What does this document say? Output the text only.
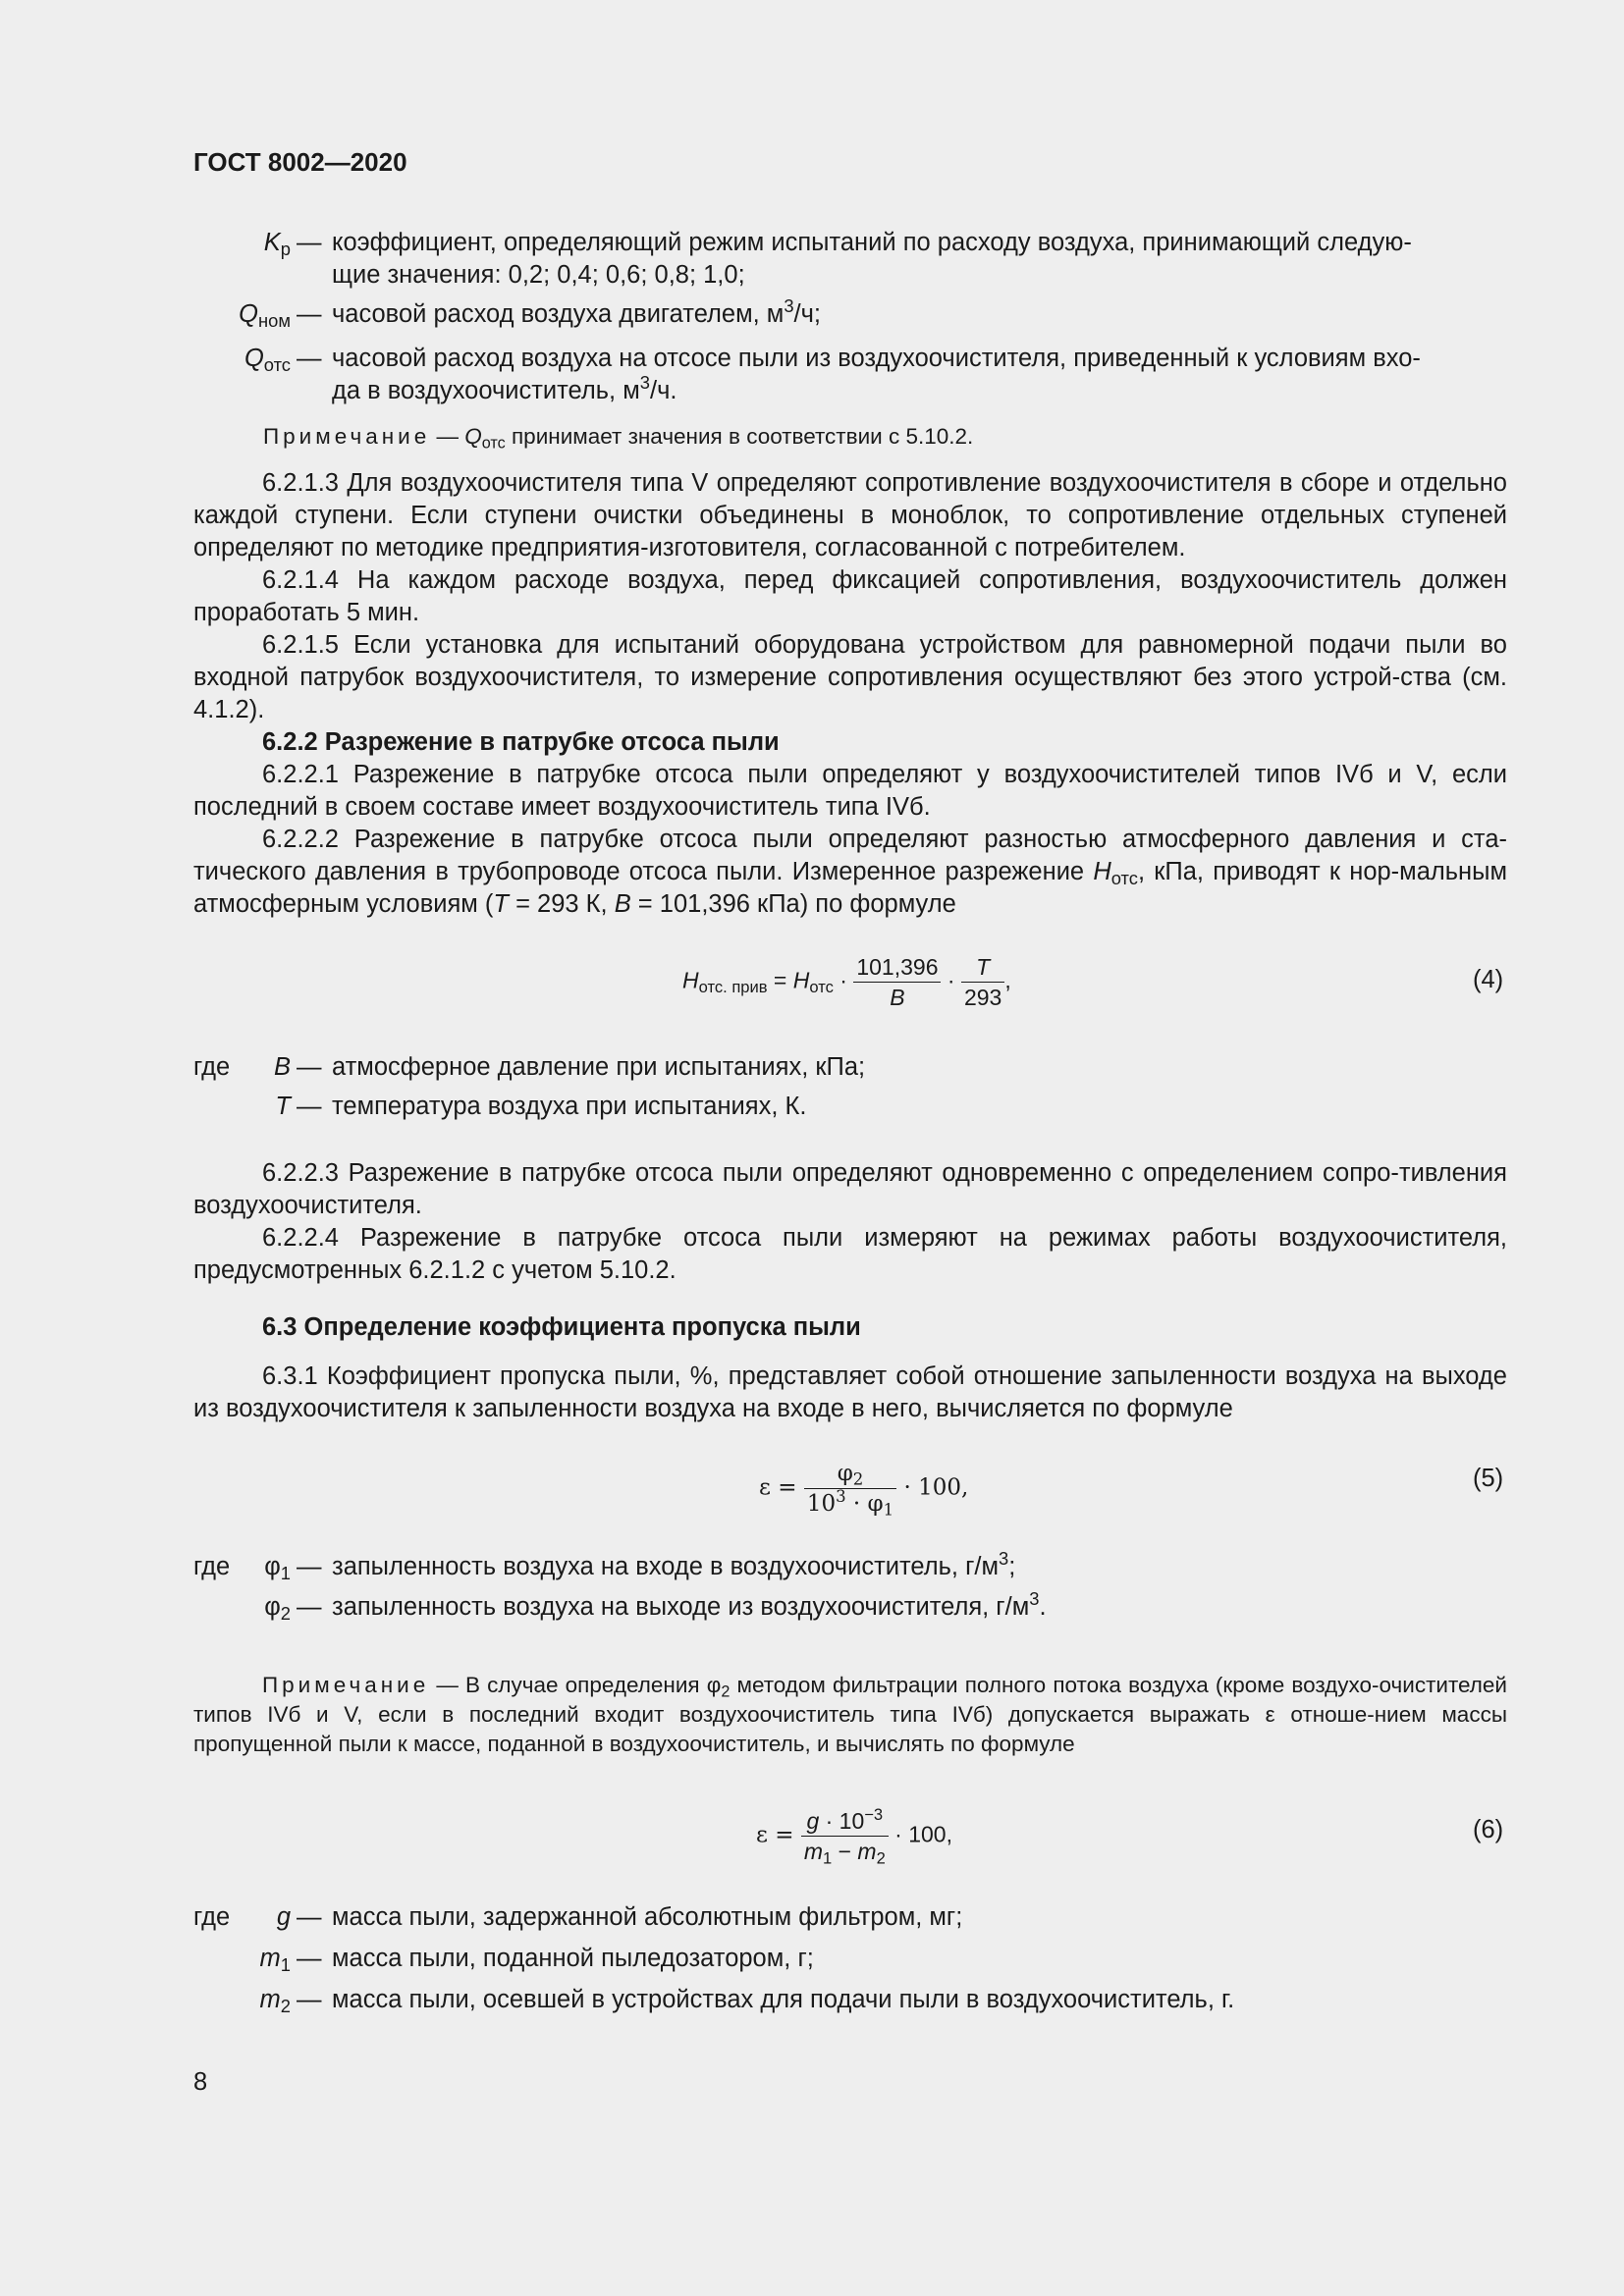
ГОСТ 8002—2020
$K_р$ — коэффициент, определяющий режим испытаний по расходу воздуха, принимающий следую-
щие значения: 0,2; 0,4; 0,6; 0,8; 1,0;
$Q_{ном}$ — часовой расход воздуха двигателем, $м^3/ч$;
$Q_{отс}$ — часовой расход воздуха на отсосе пыли из воздухоочистителя, приведенный к условиям вхо-
да в воздухоочиститель, $м^3/ч$.
Примечание — $Q_{отс}$ принимает значения в соответствии с 5.10.2.
6.2.1.3 Для воздухоочистителя типа V определяют сопротивление воздухоочистителя в сборе и отдельно каждой ступени. Если ступени очистки объединены в моноблок, то сопротивление отдельных ступеней определяют по методике предприятия-изготовителя, согласованной с потребителем.
6.2.1.4 На каждом расходе воздуха, перед фиксацией сопротивления, воздухоочиститель должен проработать 5 мин.
6.2.1.5 Если установка для испытаний оборудована устройством для равномерной подачи пыли во входной патрубок воздухоочистителя, то измерение сопротивления осуществляют без этого устрой-ства (см. 4.1.2).
6.2.2 Разрежение в патрубке отсоса пыли
6.2.2.1 Разрежение в патрубке отсоса пыли определяют у воздухоочистителей типов IVб и V, если последний в своем составе имеет воздухоочиститель типа IVб.
6.2.2.2 Разрежение в патрубке отсоса пыли определяют разностью атмосферного давления и ста-тического давления в трубопроводе отсоса пыли. Измеренное разрежение $H_{отс}$, кПа, приводят к нор-мальным атмосферным условиям (T = 293 К, B = 101,396 кПа) по формуле
$H_{отс. прив} = H_{отс} \cdot \frac{101,396}{B} \cdot \frac{T}{293}$ ,	(4)
где	B — атмосферное давление при испытаниях, кПа;
T — температура воздуха при испытаниях, К.
6.2.2.3 Разрежение в патрубке отсоса пыли определяют одновременно с определением сопро-тивления воздухоочистителя.
6.2.2.4 Разрежение в патрубке отсоса пыли измеряют на режимах работы воздухоочистителя, предусмотренных 6.2.1.2 с учетом 5.10.2.
6.3 Определение коэффициента пропуска пыли
6.3.1 Коэффициент пропуска пыли, %, представляет собой отношение запыленности воздуха на выходе из воздухоочистителя к запыленности воздуха на входе в него, вычисляется по формуле
$\varepsilon = \frac{\varphi_2}{10^3 \cdot \varphi_1} \cdot 100$,	(5)
где	$\varphi_1$ — запыленность воздуха на входе в воздухоочиститель, $г/м^3$;
$\varphi_2$ — запыленность воздуха на выходе из воздухоочистителя, $г/м^3$.
Примечание — В случае определения $\varphi_2$ методом фильтрации полного потока воздуха (кроме воздухо-очистителей типов IVб и V, если в последний входит воздухоочиститель типа IVб) допускается выражать ε отноше-нием массы пропущенной пыли к массе, поданной в воздухоочиститель, и вычислять по формуле
$\varepsilon = \frac{g \cdot 10^{-3}}{m_1 - m_2} \cdot 100$,	(6)
где	g — масса пыли, задержанной абсолютным фильтром, мг;
$m_1$ — масса пыли, поданной пыледозатором, г;
$m_2$ — масса пыли, осевшей в устройствах для подачи пыли в воздухоочиститель, г.
8
